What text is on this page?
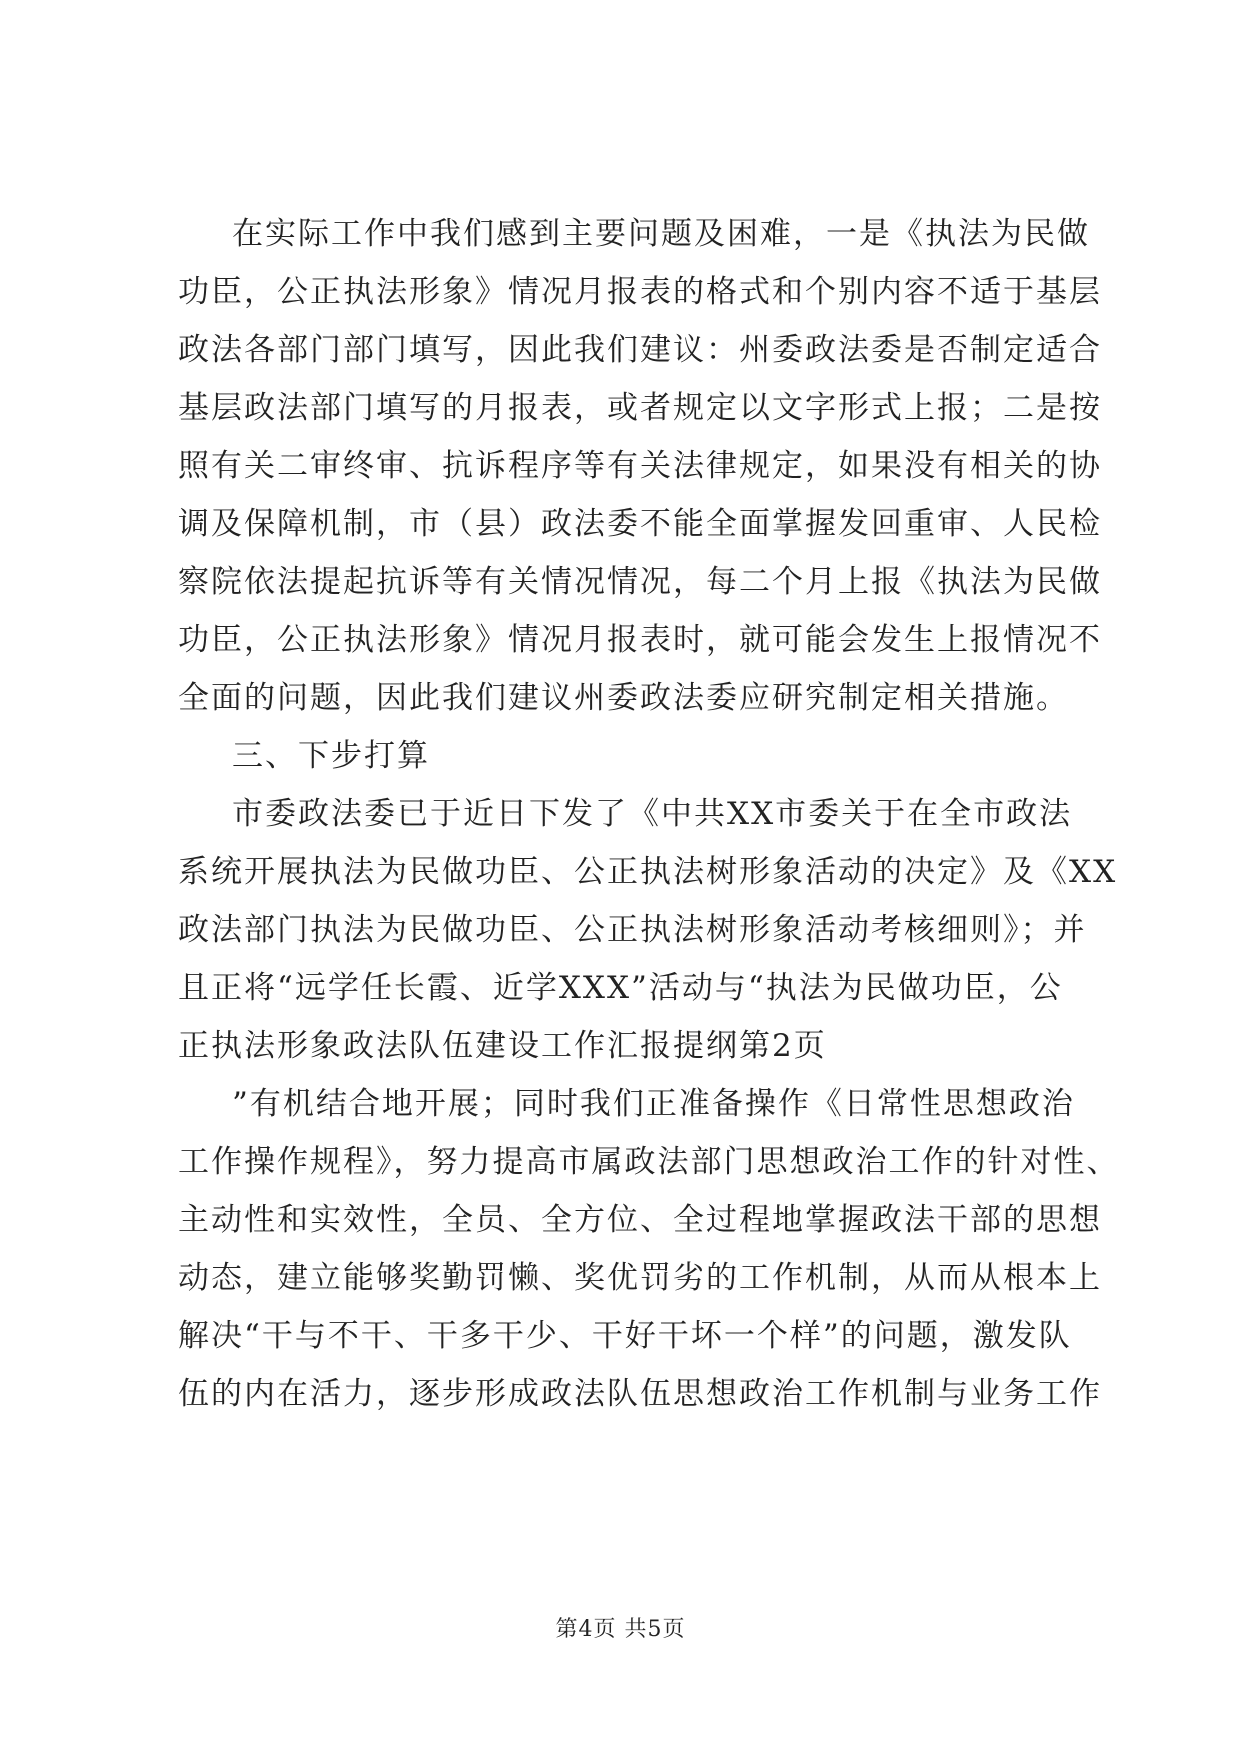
在实际工作中我们感到主要问题及困难，一是《执法为民做
功臣，公正执法形象》情况月报表的格式和个别内容不适于基层
政法各部门部门填写，因此我们建议：州委政法委是否制定适合
基层政法部门填写的月报表，或者规定以文字形式上报；二是按
照有关二审终审、抗诉程序等有关法律规定，如果没有相关的协
调及保障机制，市（县）政法委不能全面掌握发回重审、人民检
察院依法提起抗诉等有关情况情况，每二个月上报《执法为民做
功臣，公正执法形象》情况月报表时，就可能会发生上报情况不
全面的问题，因此我们建议州委政法委应研究制定相关措施。
三、下步打算
市委政法委已于近日下发了《中共XX市委关于在全市政法
系统开展执法为民做功臣、公正执法树形象活动的决定》及《XX
政法部门执法为民做功臣、公正执法树形象活动考核细则》；并
且正将“远学任长霞、近学XXX”活动与“执法为民做功臣，公
正执法形象政法队伍建设工作汇报提纲第2页
”有机结合地开展；同时我们正准备操作《日常性思想政治
工作操作规程》，努力提高市属政法部门思想政治工作的针对性、
主动性和实效性，全员、全方位、全过程地掌握政法干部的思想
动态，建立能够奖勤罚懒、奖优罚劣的工作机制，从而从根本上
解决“干与不干、干多干少、干好干坏一个样”的问题，激发队
伍的内在活力，逐步形成政法队伍思想政治工作机制与业务工作
第4页 共5页
